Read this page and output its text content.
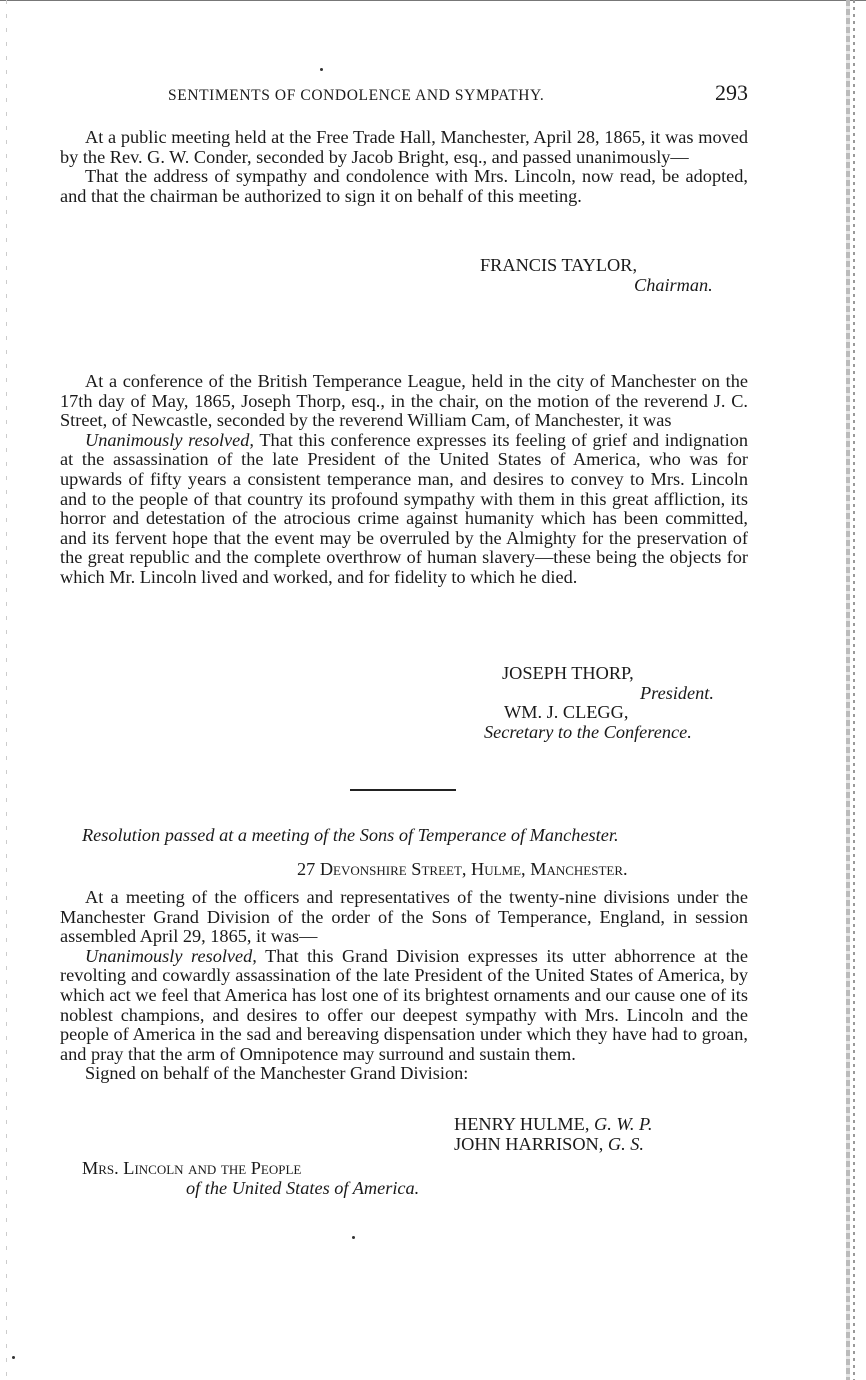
SENTIMENTS OF CONDOLENCE AND SYMPATHY.	293

At a public meeting held at the Free Trade Hall, Manchester, April 28, 1865, it was moved by the Rev. G. W. Conder, seconded by Jacob Bright, esq., and passed unanimously—

That the address of sympathy and condolence with Mrs. Lincoln, now read, be adopted, and that the chairman be authorized to sign it on behalf of this meeting.

FRANCIS TAYLOR,
Chairman.

At a conference of the British Temperance League, held in the city of Manchester on the 17th day of May, 1865, Joseph Thorp, esq., in the chair, on the motion of the reverend J. C. Street, of Newcastle, seconded by the reverend William Cam, of Manchester, it was

Unanimously resolved, That this conference expresses its feeling of grief and indignation at the assassination of the late President of the United States of America, who was for upwards of fifty years a consistent temperance man, and desires to convey to Mrs. Lincoln and to the people of that country its profound sympathy with them in this great affliction, its horror and detestation of the atrocious crime against humanity which has been committed, and its fervent hope that the event may be overruled by the Almighty for the preservation of the great republic and the complete overthrow of human slavery—these being the objects for which Mr. Lincoln lived and worked, and for fidelity to which he died.

JOSEPH THORP,
President.
WM. J. CLEGG,
Secretary to the Conference.
Resolution passed at a meeting of the Sons of Temperance of Manchester.
27 Devonshire Street, Hulme, Manchester.

At a meeting of the officers and representatives of the twenty-nine divisions under the Manchester Grand Division of the order of the Sons of Temperance, England, in session assembled April 29, 1865, it was—

Unanimously resolved, That this Grand Division expresses its utter abhorrence at the revolting and cowardly assassination of the late President of the United States of America, by which act we feel that America has lost one of its brightest ornaments and our cause one of its noblest champions, and desires to offer our deepest sympathy with Mrs. Lincoln and the people of America in the sad and bereaving dispensation under which they have had to groan, and pray that the arm of Omnipotence may surround and sustain them.

Signed on behalf of the Manchester Grand Division:

HENRY HULME, G. W. P.
JOHN HARRISON, G. S.
Mrs. Lincoln and the People
of the United States of America.
